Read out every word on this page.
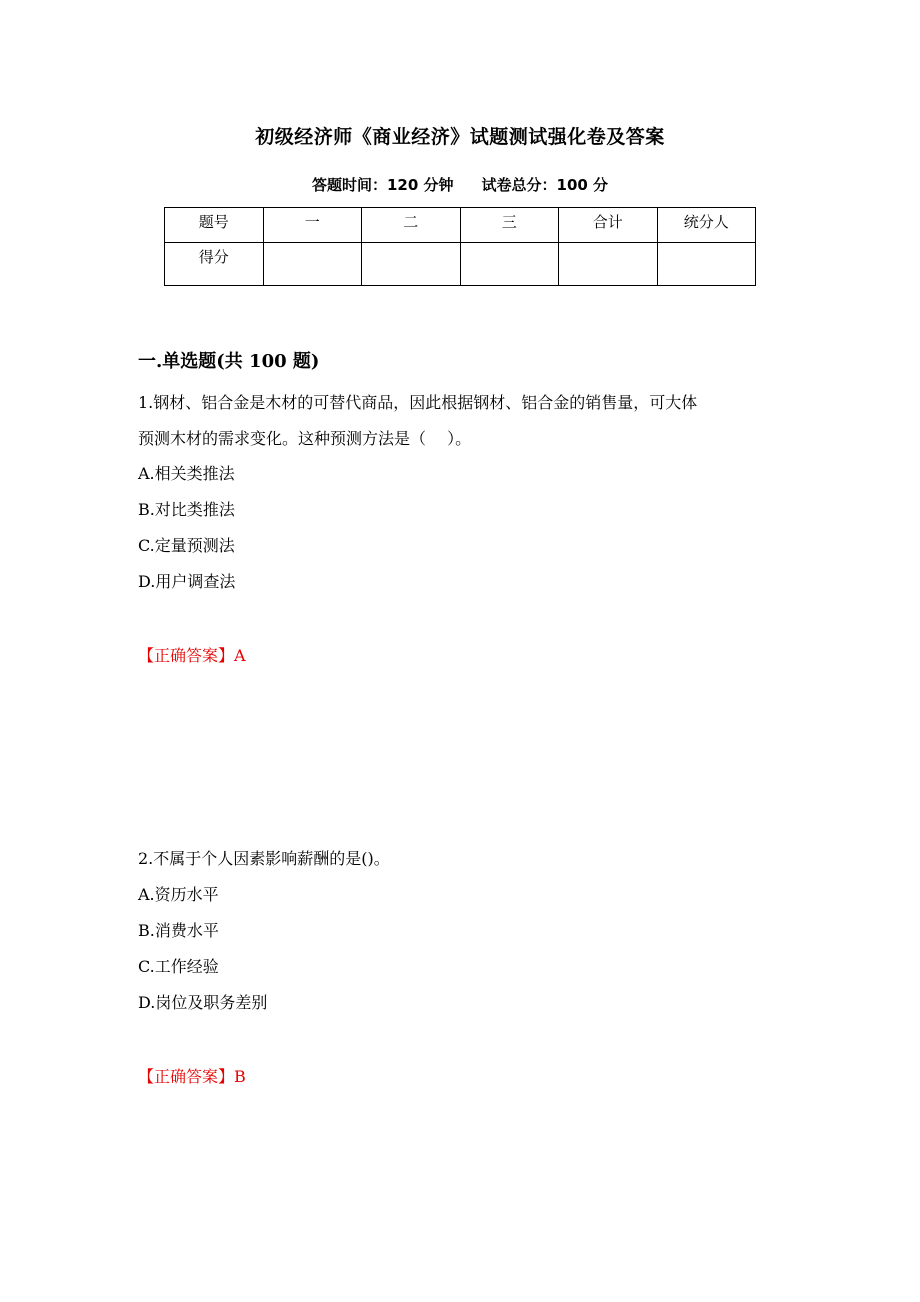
初级经济师《商业经济》试题测试强化卷及答案
答题时间：120 分钟 试卷总分：100 分
题号	一	二	三	合计	统分人
得分					
一.单选题(共 100 题)
1.钢材、铝合金是木材的可替代商品，因此根据钢材、铝合金的销售量，可大体
预测木材的需求变化。这种预测方法是（　 ）。
A.相关类推法
B.对比类推法
C.定量预测法
D.用户调查法
【正确答案】A
2.不属于个人因素影响薪酬的是()。
A.资历水平
B.消费水平
C.工作经验
D.岗位及职务差别
【正确答案】B
